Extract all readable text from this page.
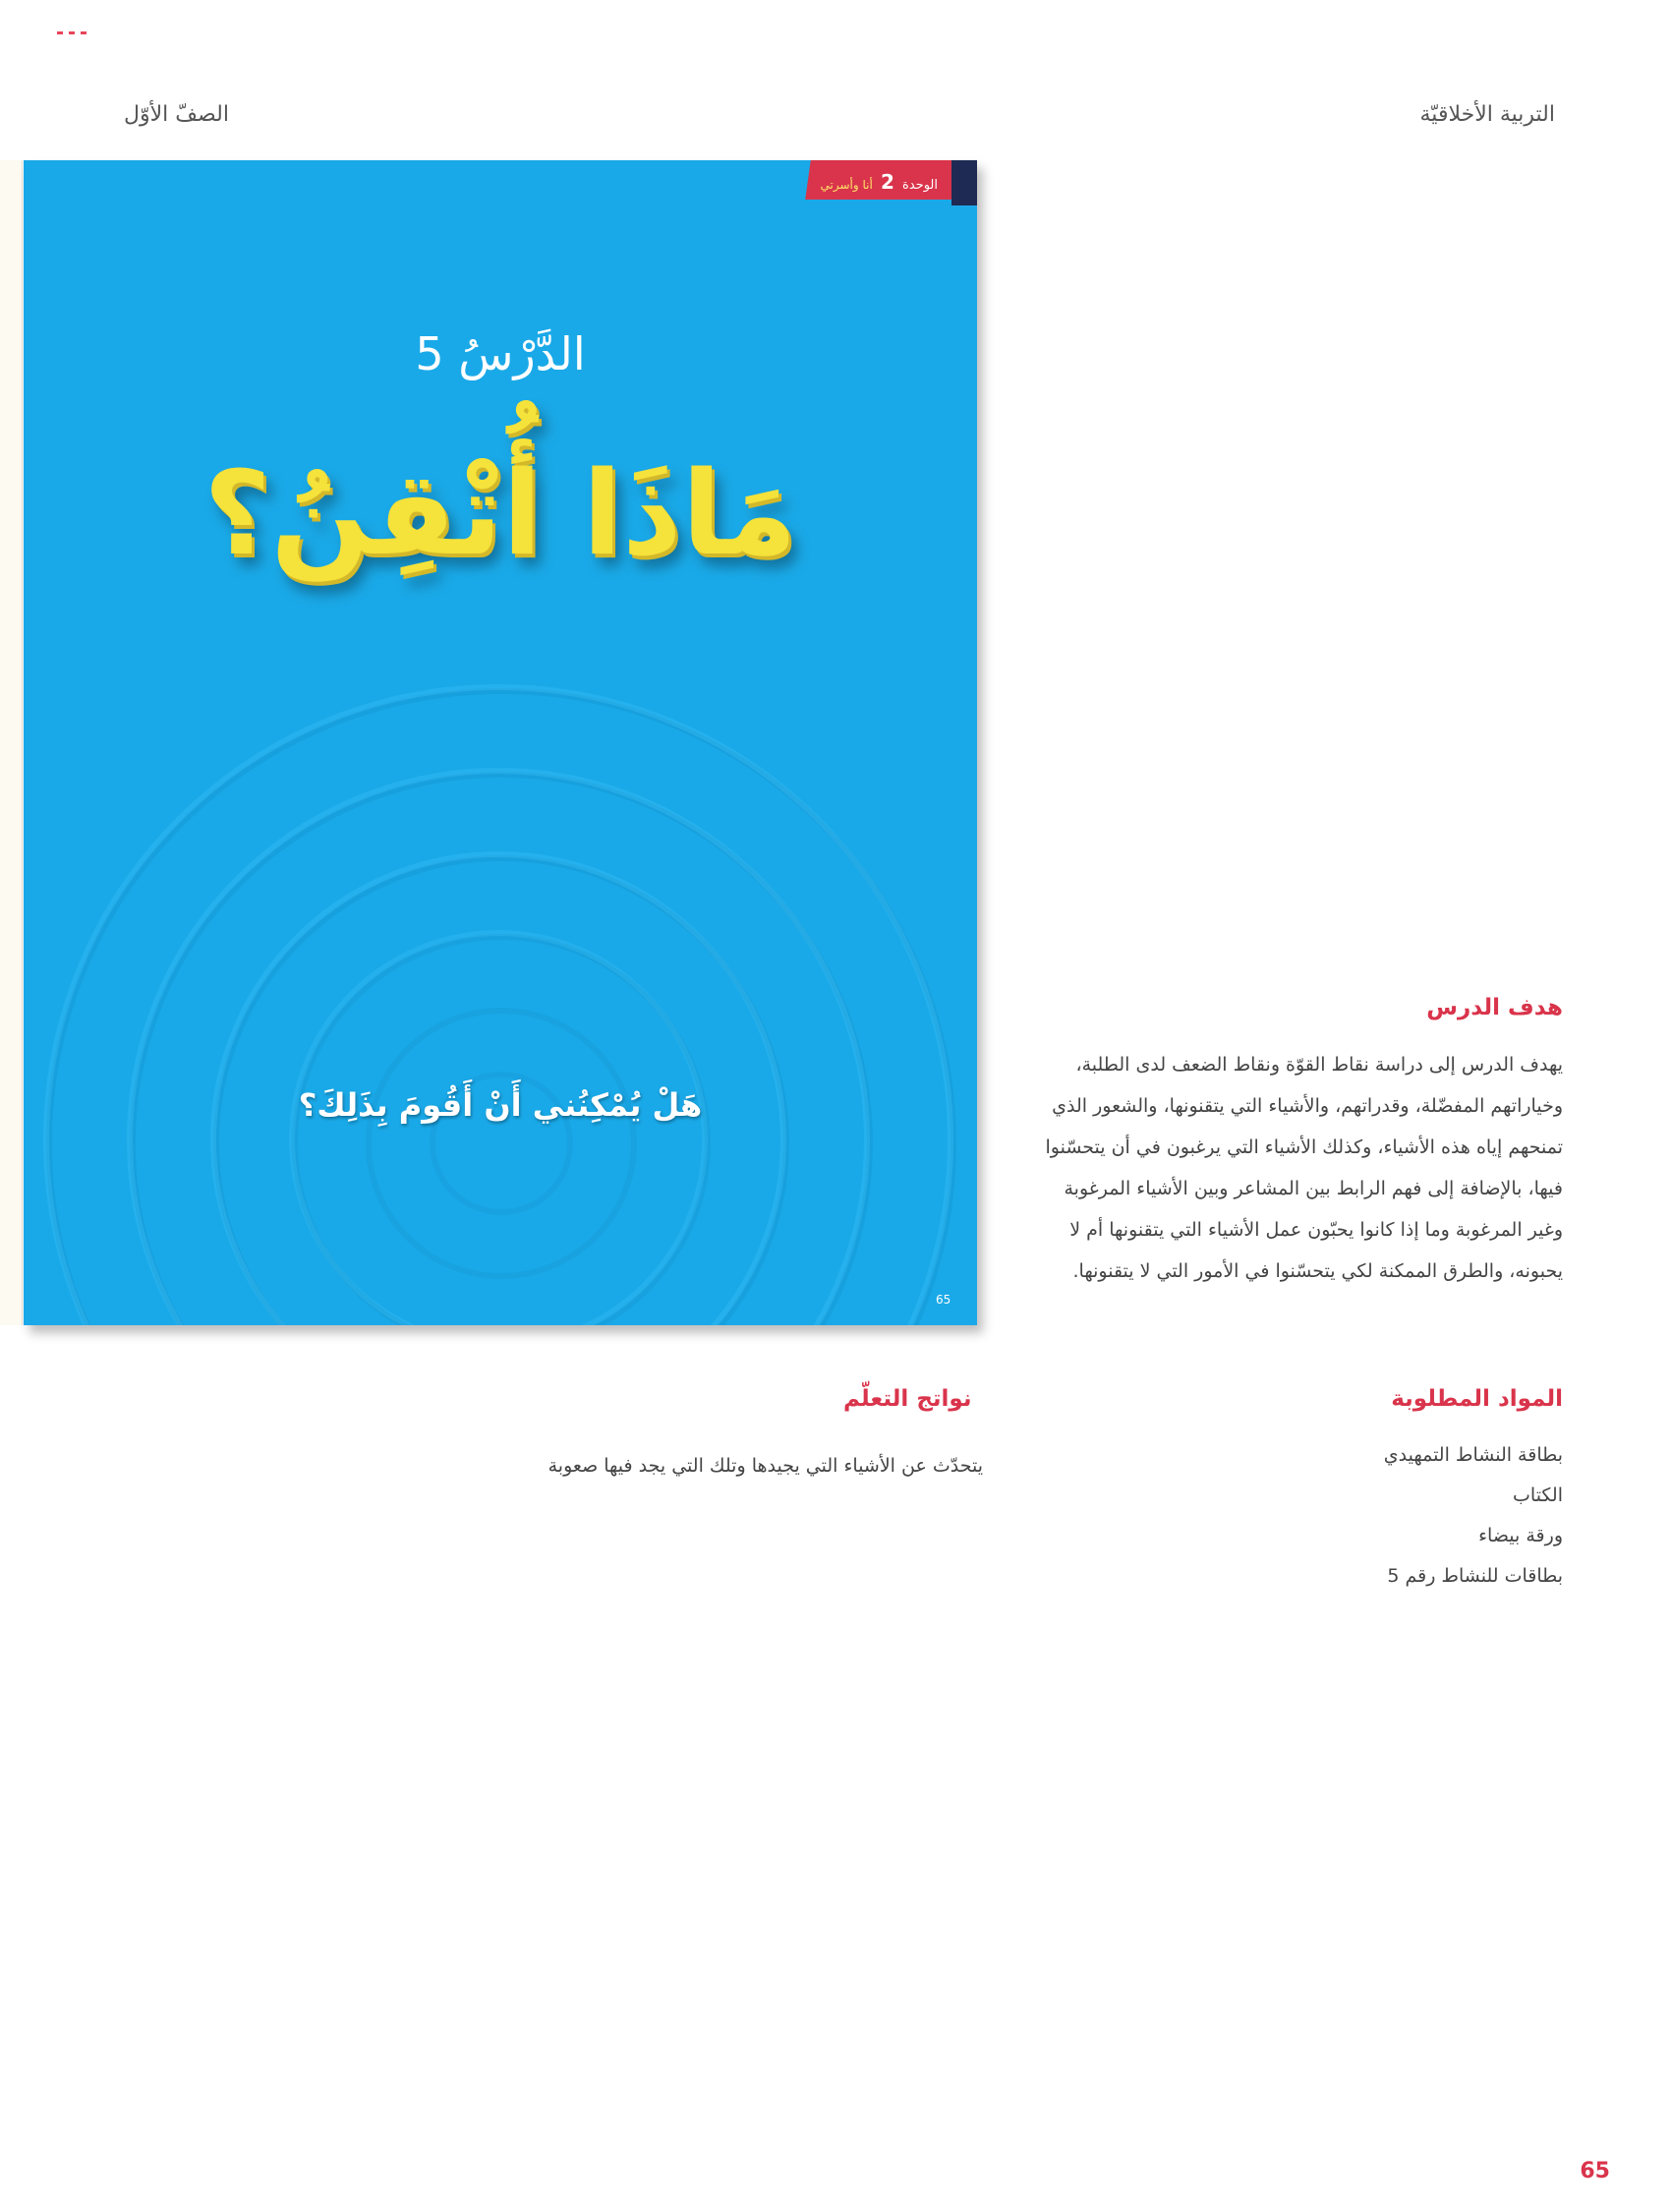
التربية الأخلاقيّة
الصفّ الأوّل
الوحدة 2 أنا وأسرتي
الدَّرْسُ 5
مَاذَا أُتْقِنُ؟
هَلْ يُمْكِنُني أَنْ أَقُومَ بِذَلِكَ؟
65
هدف الدرس
يهدف الدرس إلى دراسة نقاط القوّة ونقاط الضعف لدى الطلبة، وخياراتهم المفضّلة، وقدراتهم، والأشياء التي يتقنونها، والشعور الذي تمنحهم إياه هذه الأشياء، وكذلك الأشياء التي يرغبون في أن يتحسّنوا فيها، بالإضافة إلى فهم الرابط بين المشاعر وبين الأشياء المرغوبة وغير المرغوبة وما إذا كانوا يحبّون عمل الأشياء التي يتقنونها أم لا يحبونه، والطرق الممكنة لكي يتحسّنوا في الأمور التي لا يتقنونها.
المواد المطلوبة
بطاقة النشاط التمهيدي
الكتاب
ورقة بيضاء
بطاقات للنشاط رقم 5
نواتج التعلّم
يتحدّث عن الأشياء التي يجيدها وتلك التي يجد فيها صعوبة
65
